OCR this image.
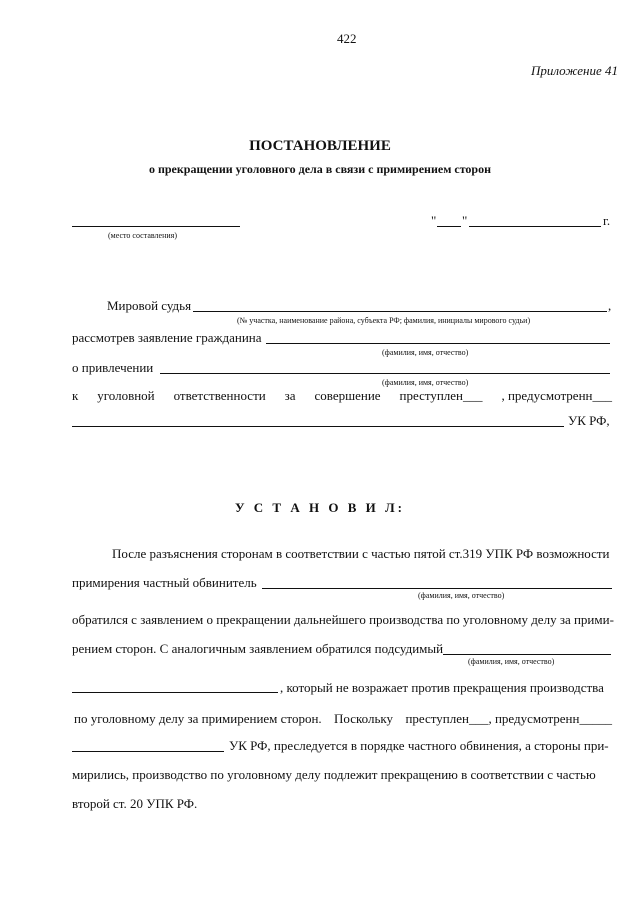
422
Приложение 41
ПОСТАНОВЛЕНИЕ
о прекращении уголовного дела в связи с примирением сторон
(место составления)
" "	г.
Мировой судья	,
(№ участка, наименование района, субъекта РФ; фамилия, инициалы мирового судьи)
рассмотрев заявление гражданина
(фамилия, имя, отчество)
о привлечении
(фамилия, имя, отчество)
к уголовной ответственности за совершение преступлен___ , предусмотренн___
УК РФ,
У С Т А Н О В И Л:
После разъяснения сторонам в соответствии с частью пятой ст.319 УПК РФ возможности
примирения частный обвинитель
(фамилия, имя, отчество)
обратился с заявлением о прекращении дальнейшего производства по уголовному делу за прими-
рением сторон. С аналогичным заявлением обратился подсудимый
(фамилия, имя, отчество)
, который не возражает против прекращения производства
по уголовному делу за примирением сторон. Поскольку преступлен___, предусмотренн_____
УК РФ, преследуется в порядке частного обвинения, а стороны при-
мирились, производство по уголовному делу подлежит прекращению в соответствии с частью
второй ст. 20 УПК РФ.
